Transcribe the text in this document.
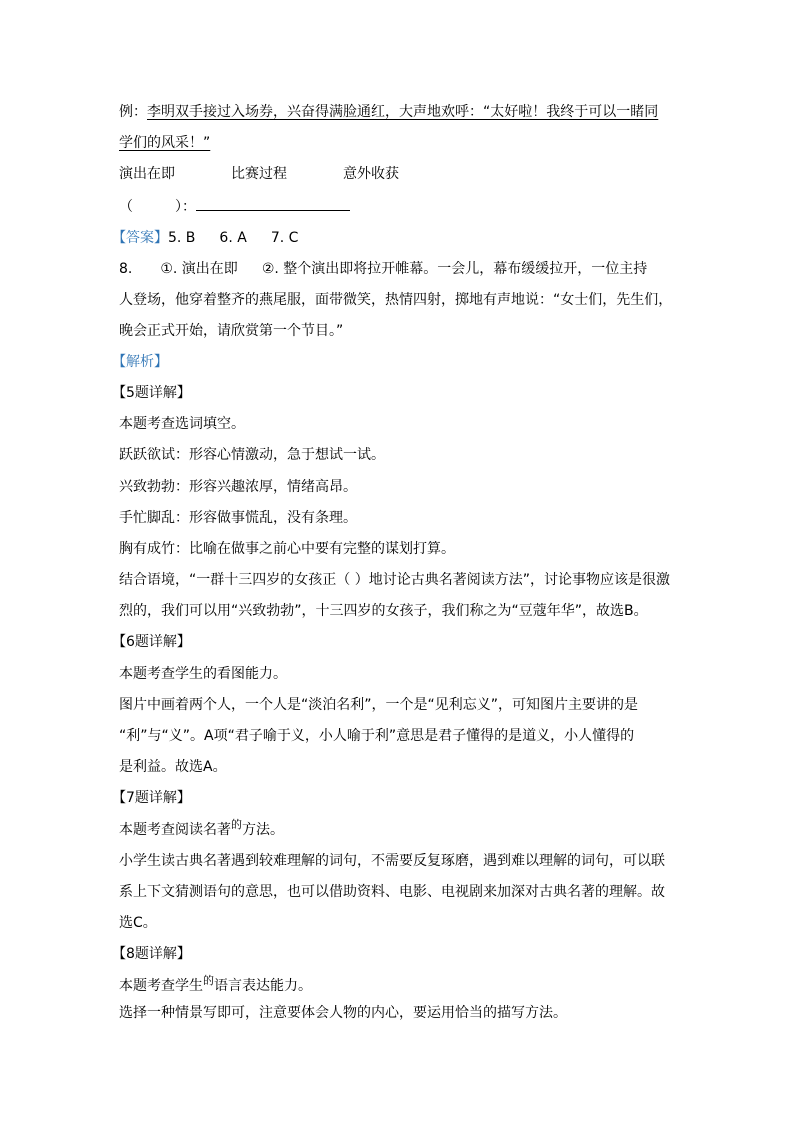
例：李明双手接过入场券，兴奋得满脸通红，大声地欢呼：“太好啦！我终于可以一睹同
学们的风采！”
演出在即	比赛过程	意外收获
（	）：
【答案】5. B 6. A 7. C
8. ①. 演出在即 ②. 整个演出即将拉开帷幕。一会儿，幕布缓缓拉开，一位主持
人登场，他穿着整齐的燕尾服，面带微笑，热情四射，掷地有声地说：“女士们，先生们，
晚会正式开始，请欣赏第一个节目。”
【解析】
【5题详解】
本题考查选词填空。
跃跃欲试：形容心情激动，急于想试一试。
兴致勃勃：形容兴趣浓厚，情绪高昂。
手忙脚乱：形容做事慌乱，没有条理。
胸有成竹：比喻在做事之前心中要有完整的谋划打算。
结合语境，“一群十三四岁的女孩正（ ）地讨论古典名著阅读方法”，讨论事物应该是很激
烈的，我们可以用“兴致勃勃”，十三四岁的女孩子，我们称之为“豆蔻年华”，故选B。
【6题详解】
本题考查学生的看图能力。
图片中画着两个人，一个人是“淡泊名利”，一个是“见利忘义”，可知图片主要讲的是
“利”与“义”。A项“君子喻于义，小人喻于利”意思是君子懂得的是道义，小人懂得的
是利益。故选A。
【7题详解】
本题考查阅读名著$^的$方法。
小学生读古典名著遇到较难理解的词句，不需要反复琢磨，遇到难以理解的词句，可以联
系上下文猜测语句的意思，也可以借助资料、电影、电视剧来加深对古典名著的理解。故
选C。
【8题详解】
本题考查学生$^的$语言表达能力。
选择一种情景写即可，注意要体会人物的内心，要运用恰当的描写方法。
